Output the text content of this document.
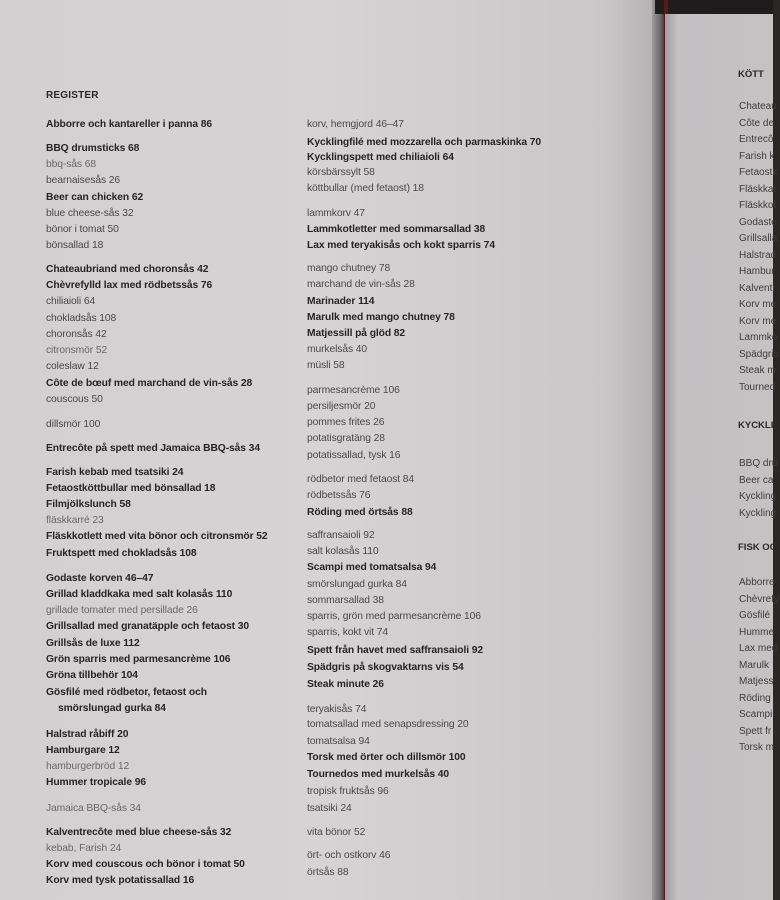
REGISTER
Abborre och kantareller i panna 86
BBQ drumsticks 68
bbq-sås 68
bearnaisesås 26
Beer can chicken 62
blue cheese-sås 32
bönor i tomat 50
bönsallad 18
Chateaubriand med choronsås 42
Chèvrefylld lax med rödbetssås 76
chiliaioli 64
chokladsås 108
choronsås 42
citronsmör 52
coleslaw 12
Côte de bœuf med marchand de vin-sås 28
couscous 50
dillsmör 100
Entrecôte på spett med Jamaica BBQ-sås 34
Farish kebab med tsatsiki 24
Fetaostköttbullar med bönsallad 18
Filmjölkslunch 58
fläskkarré 23
Fläskkotlett med vita bönor och citronsmör 52
Fruktspett med chokladsås 108
Godaste korven 46–47
Grillad kladdkaka med salt kolasås 110
grillade tomater med persillade 26
Grillsallad med granatäpple och fetaost 30
Grillsås de luxe 112
Grön sparris med parmesancrème 106
Gröna tillbehör 104
Gösfilé med rödbetor, fetaost och
smörslungad gurka 84
Halstrad råbiff 20
Hamburgare 12
hamburgerbröd 12
Hummer tropicale 96
Jamaica BBQ-sås 34
Kalventrecôte med blue cheese-sås 32
kebab, Farish 24
Korv med couscous och bönor i tomat 50
Korv med tysk potatissallad 16
korv, hemgjord 46–47
Kycklingfilé med mozzarella och parmaskinka 70
Kycklingspett med chiliaioli 64
körsbärssylt 58
köttbullar (med fetaost) 18
lammkorv 47
Lammkotletter med sommarsallad 38
Lax med teryakisås och kokt sparris 74
mango chutney 78
marchand de vin-sås 28
Marinader 114
Marulk med mango chutney 78
Matjessill på glöd 82
murkelsås 40
müsli 58
parmesancrème 106
persiljesmör 20
pommes frites 26
potatisgratäng 28
potatissallad, tysk 16
rödbetor med fetaost 84
rödbetssås 76
Röding med örtsås 88
saffransaioli 92
salt kolasås 110
Scampi med tomatsalsa 94
smörslungad gurka 84
sommarsallad 38
sparris, grön med parmesancrème 106
sparris, kokt vit 74
Spett från havet med saffransaioli 92
Spädgris på skogvaktarns vis 54
Steak minute 26
teryakisås 74
tomatsallad med senapsdressing 20
tomatsalsa 94
Torsk med örter och dillsmör 100
Tournedos med murkelsås 40
tropisk fruktsås 96
tsatsiki 24
vita bönor 52
ört- och ostkorv 46
örtsås 88
KÖTT
Chateau
Côte de
Entrecô
Farish k
Fetaostk
Fläskkar
Fläskkot
Godaste
Grillsalla
Halstrad
Hambur
Kalventr
Korv me
Korv me
Lammko
Spädgris
Steak m
Tourned
KYCKLIN
BBQ dru
Beer ca
Kyckling
Kyckling
FISK OC
Abborre
Chèvrefy
Gösfilé
Humme
Lax med
Marulk
Matjess
Röding
Scampi
Spett fr
Torsk m
